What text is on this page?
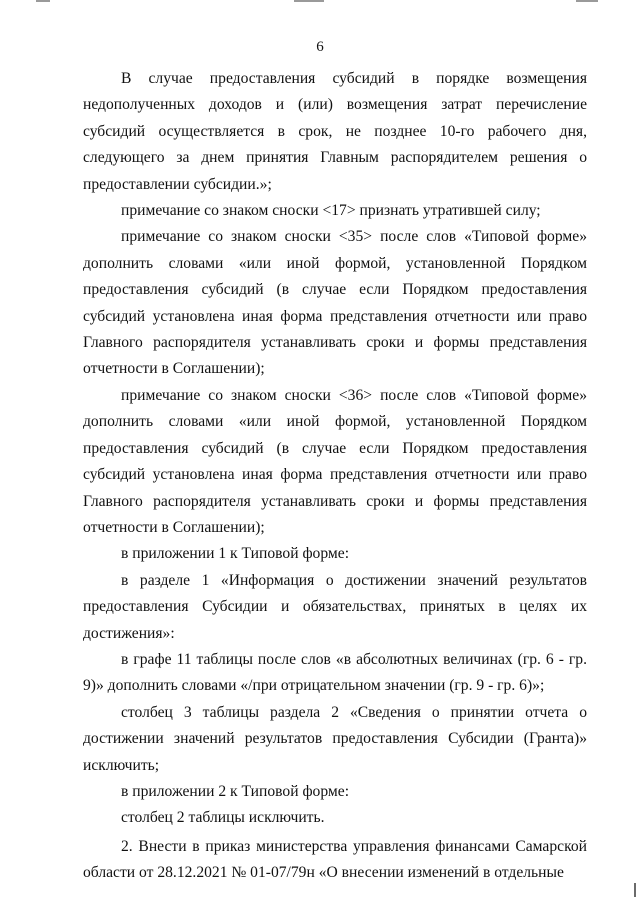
6

В случае предоставления субсидий в порядке возмещения недополученных доходов и (или) возмещения затрат перечисление субсидий осуществляется в срок, не позднее 10-го рабочего дня, следующего за днем принятия Главным распорядителем решения о предоставлении субсидии.»;

примечание со знаком сноски <17> признать утратившей силу;

примечание со знаком сноски <35> после слов «Типовой форме» дополнить словами «или иной формой, установленной Порядком предоставления субсидий (в случае если Порядком предоставления субсидий установлена иная форма представления отчетности или право Главного распорядителя устанавливать сроки и формы представления отчетности в Соглашении);

примечание со знаком сноски <36> после слов «Типовой форме» дополнить словами «или иной формой, установленной Порядком предоставления субсидий (в случае если Порядком предоставления субсидий установлена иная форма представления отчетности или право Главного распорядителя устанавливать сроки и формы представления отчетности в Соглашении);

в приложении 1 к Типовой форме:

в разделе 1 «Информация о достижении значений результатов предоставления Субсидии и обязательствах, принятых в целях их достижения»:

в графе 11 таблицы после слов «в абсолютных величинах (гр. 6 - гр. 9)» дополнить словами «/при отрицательном значении (гр. 9 - гр. 6)»;

столбец 3 таблицы раздела 2 «Сведения о принятии отчета о достижении значений результатов предоставления Субсидии (Гранта)» исключить;

в приложении 2 к Типовой форме:

столбец 2 таблицы исключить.

2. Внести в приказ министерства управления финансами Самарской области от 28.12.2021 № 01-07/79н «О внесении изменений в отдельные
